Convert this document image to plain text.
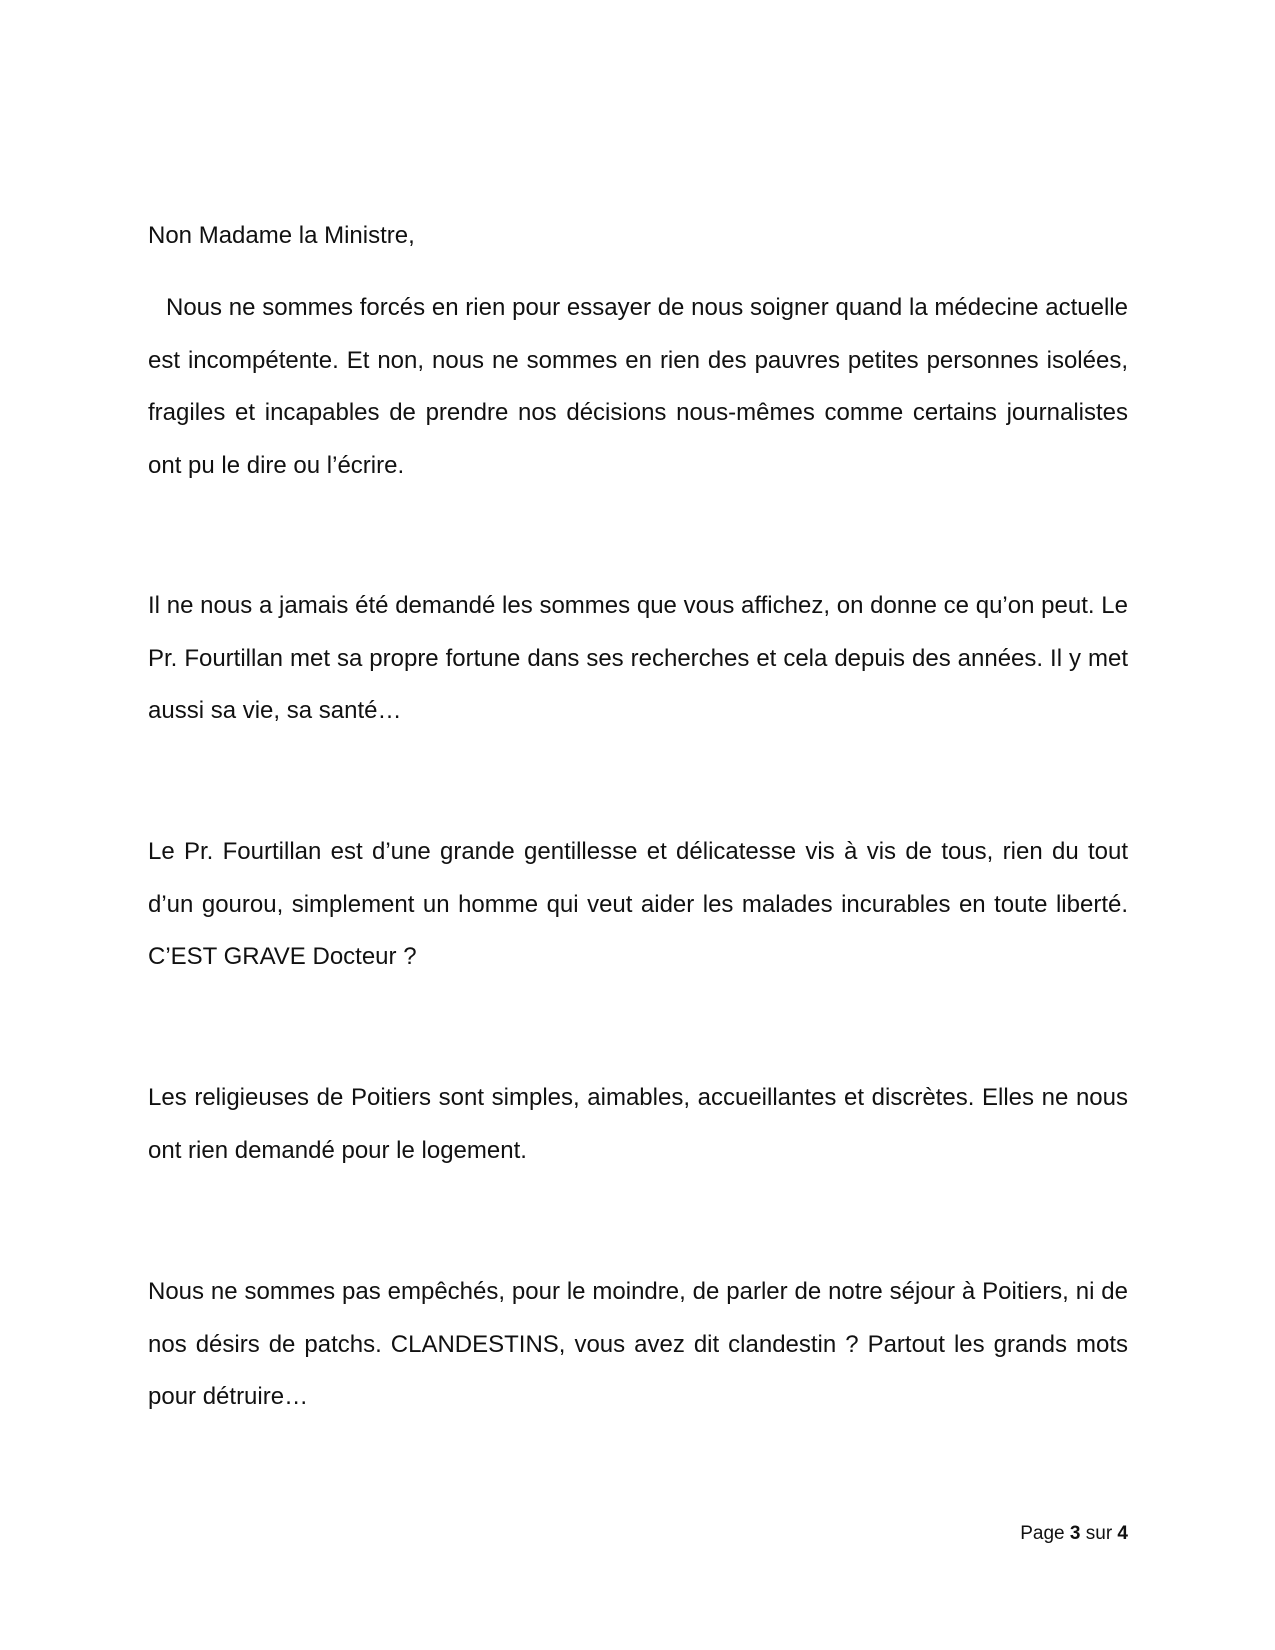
Non Madame la Ministre,

Nous ne sommes forcés en rien pour essayer de nous soigner quand la médecine actuelle est incompétente. Et non, nous ne sommes en rien des pauvres petites personnes isolées, fragiles et incapables de prendre nos décisions nous-mêmes comme certains journalistes ont pu le dire ou l’écrire.

Il ne nous a jamais été demandé les sommes que vous affichez, on donne ce qu’on peut. Le Pr. Fourtillan met sa propre fortune dans ses recherches et cela depuis des années. Il y met aussi sa vie, sa santé…

Le Pr. Fourtillan est d’une grande gentillesse et délicatesse vis à vis de tous, rien du tout d’un gourou, simplement un homme qui veut aider les malades incurables en toute liberté. C’EST GRAVE Docteur ?

Les religieuses de Poitiers sont simples, aimables, accueillantes et discrètes. Elles ne nous ont rien demandé pour le logement.

Nous ne sommes pas empêchés, pour le moindre, de parler de notre séjour à Poitiers, ni de nos désirs de patchs. CLANDESTINS, vous avez dit clandestin ? Partout les grands mots pour détruire…

Page 3 sur 4
